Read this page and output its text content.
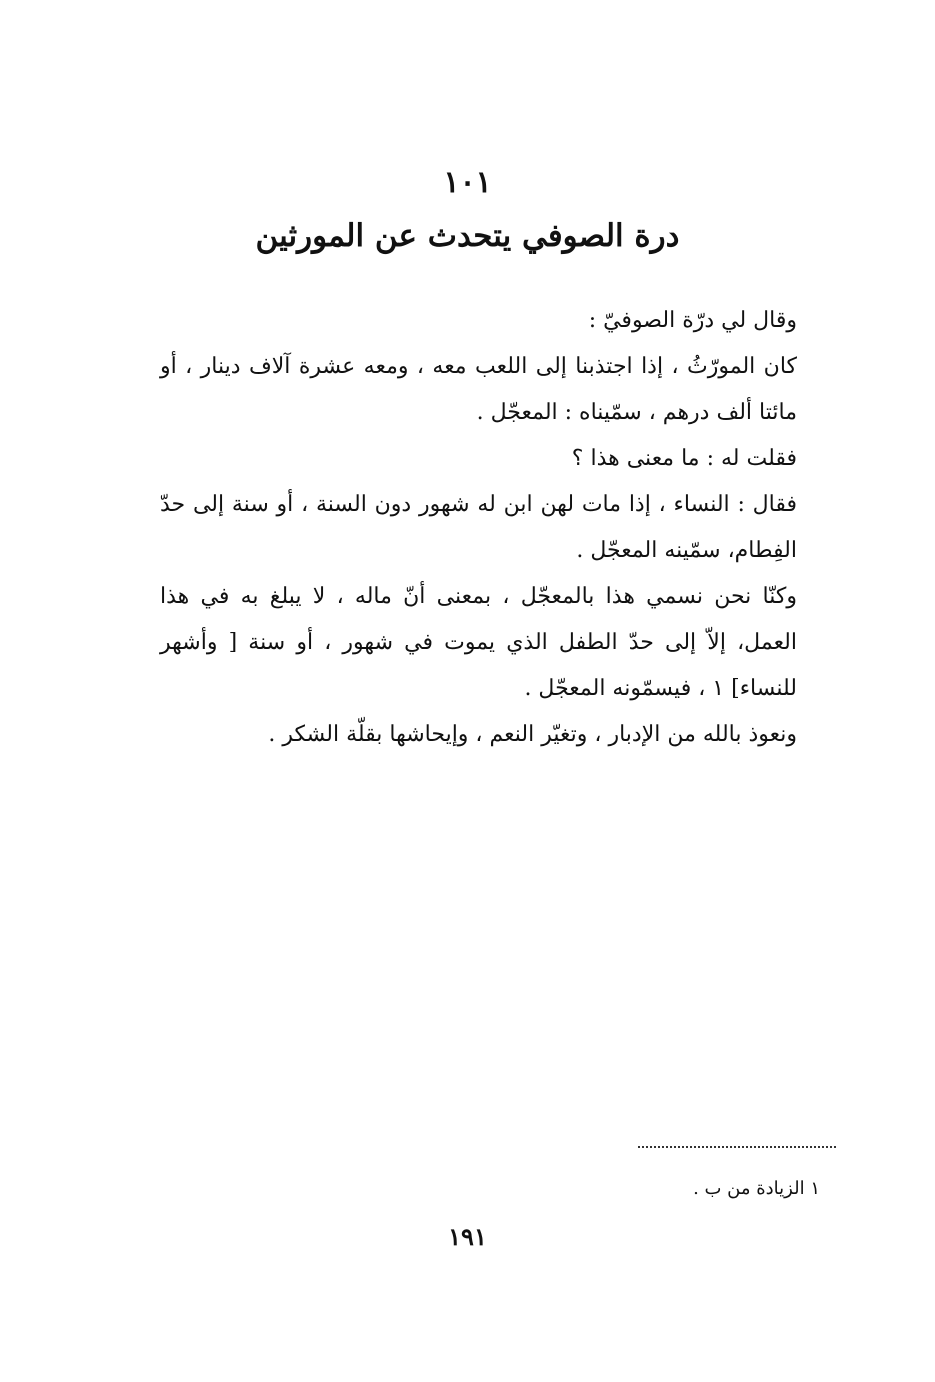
١٠١
درة الصوفي يتحدث عن المورثين

وقال لي درّة الصوفيّ :

كان المورّثُ ، إذا اجتذبنا إلى اللعب معه ، ومعه عشرة آلاف دينار ، أو مائتا ألف درهم ، سمّيناه : المعجّل .

فقلت له : ما معنى هذا ؟

فقال : النساء ، إذا مات لهن ابن له شهور دون السنة ، أو سنة إلى حدّ الفِطام، سمّينه المعجّل .

وكنّا نحن نسمي هذا بالمعجّل ، بمعنى أنّ ماله ، لا يبلغ به في هذا العمل، إلاّ إلى حدّ الطفل الذي يموت في شهور ، أو سنة [ وأشهر للنساء] ١ ، فيسمّونه المعجّل .

ونعوذ بالله من الإدبار ، وتغيّر النعم ، وإيحاشها بقلّة الشكر .

١ الزيادة من ب .
١٩١
